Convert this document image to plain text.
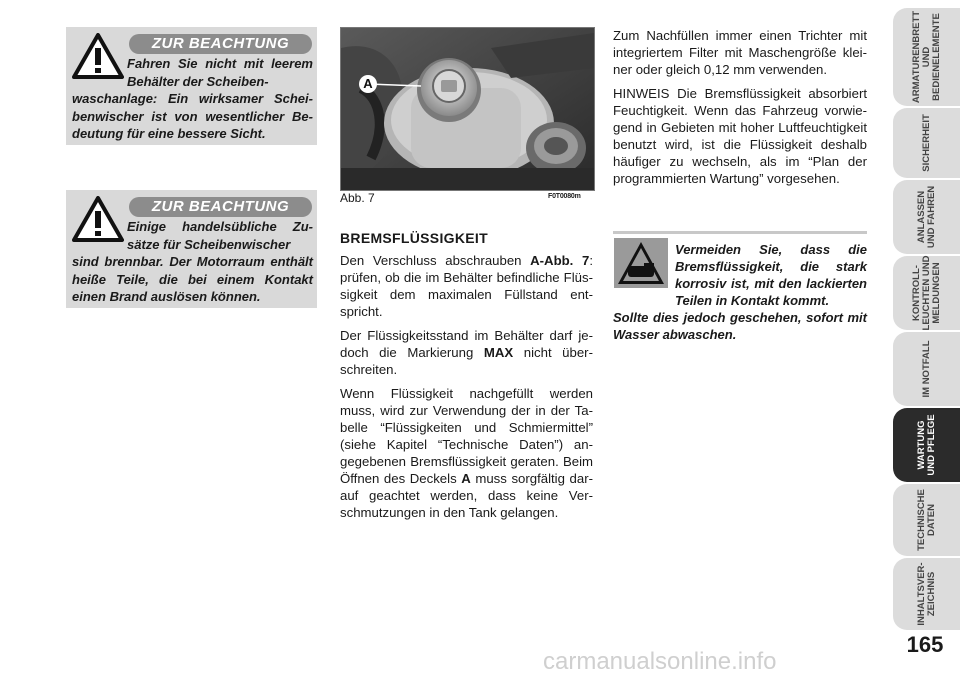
ZUR BEACHTUNG
Fahren Sie nicht mit leerem Behälter der Scheiben-
waschanlage: Ein wirksamer Scheibenwischer ist von wesentlicher Bedeutung für eine bessere Sicht.
ZUR BEACHTUNG
Einige handelsübliche Zusätze für Scheibenwischer
sind brennbar. Der Motorraum enthält heiße Teile, die bei einem Kontakt einen Brand auslösen können.
A
Abb. 7	F0T0080m
BREMSFLÜSSIGKEIT

Den Verschluss abschrauben A-Abb. 7: prüfen, ob die im Behälter befindliche Flüssigkeit dem maximalen Füllstand entspricht.

Der Flüssigkeitsstand im Behälter darf jedoch die Markierung MAX nicht überschreiten.

Wenn Flüssigkeit nachgefüllt werden muss, wird zur Verwendung der in der Tabelle “Flüssigkeiten und Schmiermittel” (siehe Kapitel “Technische Daten”) angegebenen Bremsflüssigkeit geraten. Beim Öffnen des Deckels A muss sorgfältig darauf geachtet werden, dass keine Verschmutzungen in den Tank gelangen.

Zum Nachfüllen immer einen Trichter mit integriertem Filter mit Maschengröße kleiner oder gleich 0,12 mm verwenden.

HINWEIS Die Bremsflüssigkeit absorbiert Feuchtigkeit. Wenn das Fahrzeug vorwiegend in Gebieten mit hoher Luftfeuchtigkeit benutzt wird, ist die Flüssigkeit deshalb häufiger zu wechseln, als im “Plan der programmierten Wartung” vorgesehen.

Vermeiden Sie, dass die Bremsflüssigkeit, die stark korrosiv ist, mit den lackierten Teilen in Kontakt kommt.
Sollte dies jedoch geschehen, sofort mit Wasser abwaschen.
ARMATURENBRETT
UND
BEDIENELEMENTE
SICHERHEIT
ANLASSEN
UND FAHREN
KONTROLL-
LEUCHTEN UND
MELDUNGEN
IM NOTFALL
WARTUNG
UND PFLEGE
TECHNISCHE
DATEN
INHALTSVER-
ZEICHNIS
165
carmanualsonline.info
